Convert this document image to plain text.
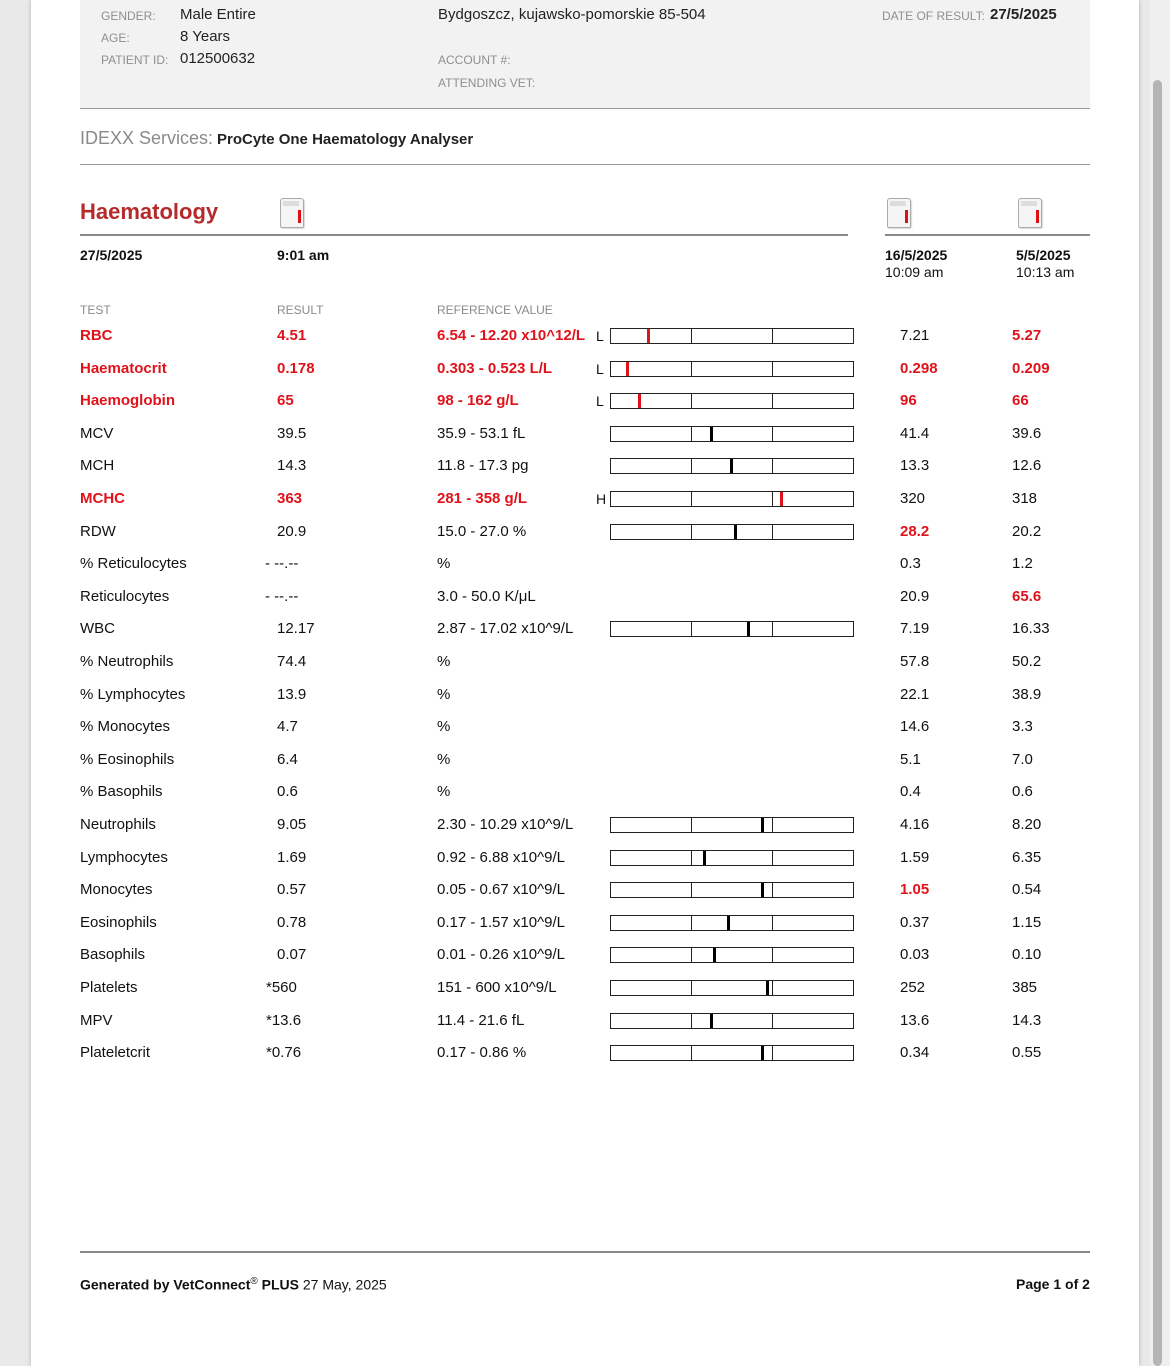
GENDER: Male Entire
AGE:	8 Years
PATIENT ID: 012500632
Bydgoszcz, kujawsko-pomorskie 85-504
ACCOUNT #:
ATTENDING VET:
DATE OF RESULT: 27/5/2025
IDEXX Services: ProCyte One Haematology Analyser
Haematology
27/5/2025	9:01 am	16/5/2025
10:09 am
5/5/2025
10:13 am
TEST	RESULT	REFERENCE VALUE
RBC	4.51	6.54 - 12.20 x10^12/L L	7.21	5.27
Haematocrit	0.178	0.303 - 0.523 L/L	L	0.298	0.209
Haemoglobin	65	98 - 162 g/L	L	96	66
MCV	39.5	35.9 - 53.1 fL	41.4	39.6
MCH	14.3	11.8 - 17.3 pg	13.3	12.6
MCHC	363	281 - 358 g/L	H	320	318
RDW	20.9	15.0 - 27.0 %	28.2	20.2
% Reticulocytes	- --.--	%	0.3	1.2
Reticulocytes	- --.--	3.0 - 50.0 K/μL	20.9	65.6
WBC	12.17	2.87 - 17.02 x10^9/L	7.19	16.33
% Neutrophils	74.4	%	57.8	50.2
% Lymphocytes	13.9	%	22.1	38.9
% Monocytes	4.7	%	14.6	3.3
% Eosinophils	6.4	%	5.1	7.0
% Basophils	0.6	%	0.4	0.6
Neutrophils	9.05	2.30 - 10.29 x10^9/L	4.16	8.20
Lymphocytes	1.69	0.92 - 6.88 x10^9/L	1.59	6.35
Monocytes	0.57	0.05 - 0.67 x10^9/L	1.05	0.54
Eosinophils	0.78	0.17 - 1.57 x10^9/L	0.37	1.15
Basophils	0.07	0.01 - 0.26 x10^9/L	0.03	0.10
Platelets	*560	151 - 600 x10^9/L	252	385
MPV	*13.6	11.4 - 21.6 fL	13.6	14.3
Plateletcrit	*0.76	0.17 - 0.86 %	0.34	0.55
Generated by VetConnect® PLUS 27 May, 2025	Page 1 of 2
